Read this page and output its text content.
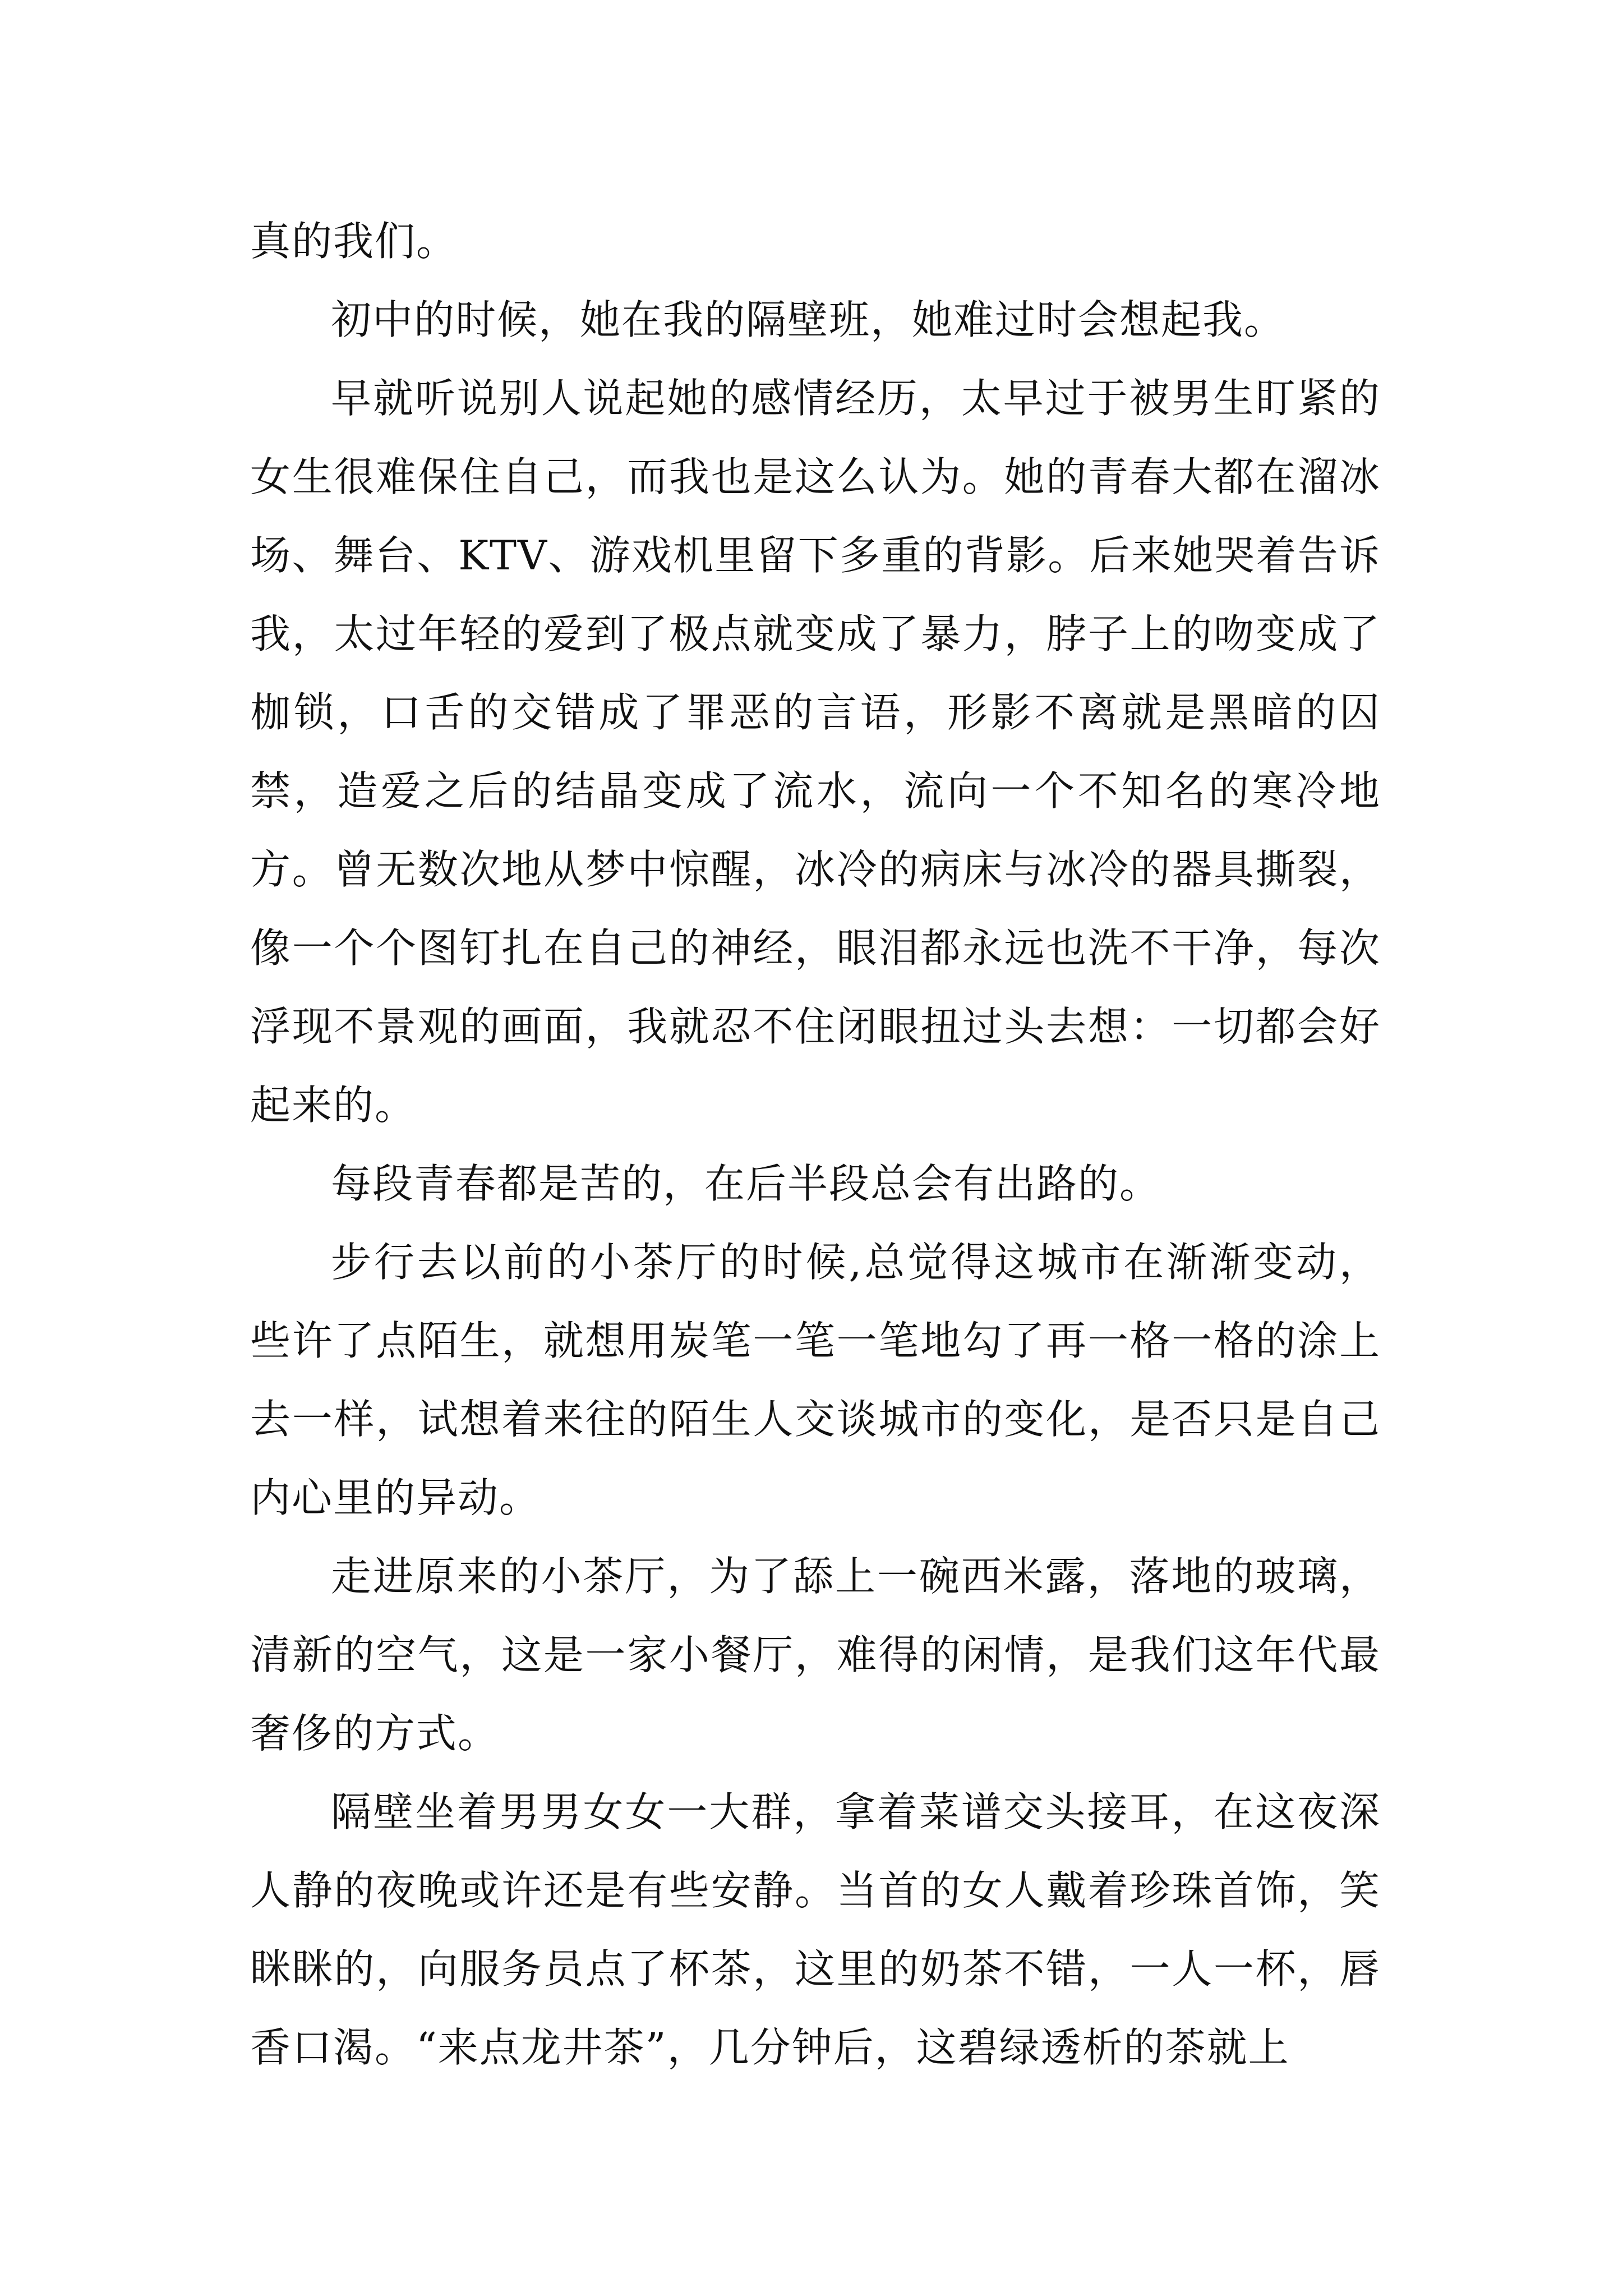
真的我们。

初中的时候，她在我的隔壁班，她难过时会想起我。

早就听说别人说起她的感情经历，太早过于被男生盯紧的女生很难保住自己，而我也是这么认为。她的青春大都在溜冰场、舞台、KTV、游戏机里留下多重的背影。后来她哭着告诉我，太过年轻的爱到了极点就变成了暴力，脖子上的吻变成了枷锁，口舌的交错成了罪恶的言语，形影不离就是黑暗的囚禁，造爱之后的结晶变成了流水，流向一个不知名的寒冷地方。曾无数次地从梦中惊醒，冰冷的病床与冰冷的器具撕裂，像一个个图钉扎在自己的神经，眼泪都永远也洗不干净，每次浮现不景观的画面，我就忍不住闭眼扭过头去想：一切都会好起来的。

每段青春都是苦的，在后半段总会有出路的。

步行去以前的小茶厅的时候,总觉得这城市在渐渐变动，些许了点陌生，就想用炭笔一笔一笔地勾了再一格一格的涂上去一样，试想着来往的陌生人交谈城市的变化，是否只是自己内心里的异动。

走进原来的小茶厅，为了舔上一碗西米露，落地的玻璃，清新的空气，这是一家小餐厅，难得的闲情，是我们这年代最奢侈的方式。

隔壁坐着男男女女一大群，拿着菜谱交头接耳，在这夜深人静的夜晚或许还是有些安静。当首的女人戴着珍珠首饰，笑眯眯的，向服务员点了杯茶，这里的奶茶不错，一人一杯，唇香口渴。“来点龙井茶”，几分钟后，这碧绿透析的茶就上
